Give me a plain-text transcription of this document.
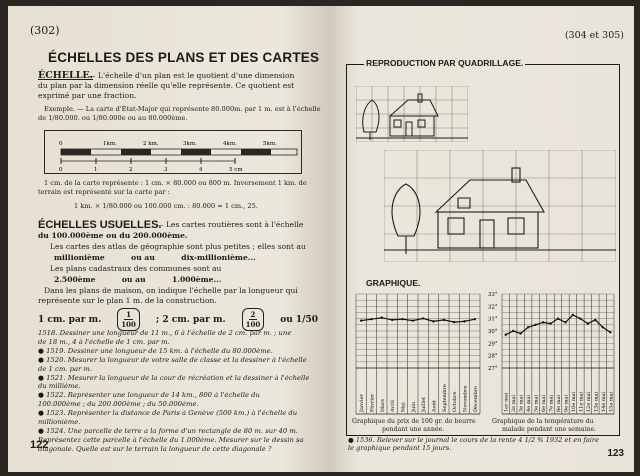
(302)
ÉCHELLES DES PLANS ET DES CARTES
ÉCHELLE.
— L'échelle d'un plan est le quotient d'une dimension
du plan par la dimension réelle qu'elle représente. Ce quotient est
exprimé par une fraction.
Exemple. — La carte d'État-Major qui représente 80.000m. par 1 m. est à l'échelle
de 1/80.000. ou 1/80.000e ou au 80.000ème.
0	1km.	2 km.	3km.	4km.	5km.
0	1	2	3	4	5 cm
1 cm. de la carte représente : 1 cm. × 80.000 ou 800 m. Inversement 1 km. de
terrain est représenté sur la carte par :
1 km. × 1/80.000 ou 100.000 cm. : 80.000 = 1 cm., 25.
ÉCHELLES USUELLES.
— Les cartes routières sont à l'échelle
du 100.000ème ou du 200.000ème.
Les cartes des atlas de géographie sont plus petites ; elles sont au
millionième          ou au          dix-millionième...
Les plans cadastraux des communes sont au
2.500ème          ou au          1.000ème...
Dans les plans de maison, on indique l'échelle par la longueur qui
représente sur le plan 1 m. de la construction.
1 cm. par m. $\frac{1}{100}$ ; 2 cm. par m. $\frac{2}{100}$ ou 1/50
1518. Dessiner une longueur de 11 m., 6 à l'échelle de 2 cm. par m. ; une
de 18 m., 4 à l'échelle de 1 cm. par m.
● 1519. Dessiner une longueur de 15 km. à l'échelle du 80.000ème.
● 1520. Mesurer la longueur de votre salle de classe et la dessiner à l'échelle
de 1 cm. par m.
● 1521. Mesurer la longueur de la cour de récréation et la dessiner à l'échelle
du millième.
● 1522. Représenter une longueur de 14 km., 800 à l'échelle du
100.000ème ; du 200.000ème ; du 50.000ème.
● 1523. Représenter la distance de Paris à Genève (500 km.) à l'échelle du
millionième.
● 1524. Une parcelle de terre a la forme d'un rectangle de 80 m. sur 40 m.
Représentez cette parcelle à l'échelle du 1.000ème. Mesurer sur le dessin sa
diagonale. Quelle est sur le terrain la longueur de cette diagonale ?
122
(304 et 305)
REPRODUCTION PAR QUADRILLAGE.
GRAPHIQUE.
Janvier Février Mars Avril Mai Juin Juillet Août Septembre Octobre Novembre Décembre	1er mai 2e mai 3e mai 4e mai 5e mai 6e mai 7e mai 8e mai 9e mai 10e mai 11e mai 12e mai 13e mai 14e mai 15e mai
33°
32°
31°
30°
29°
28°
27°
Graphique du prix de 100 gr. de beurre
pendant une année.
Graphique de la température du
malade pendant une semaine.
● 1536. Relever sur le journal le cours de la rente 4 1/2 % 1932 et en faire
le graphique pendant 15 jours.	123
